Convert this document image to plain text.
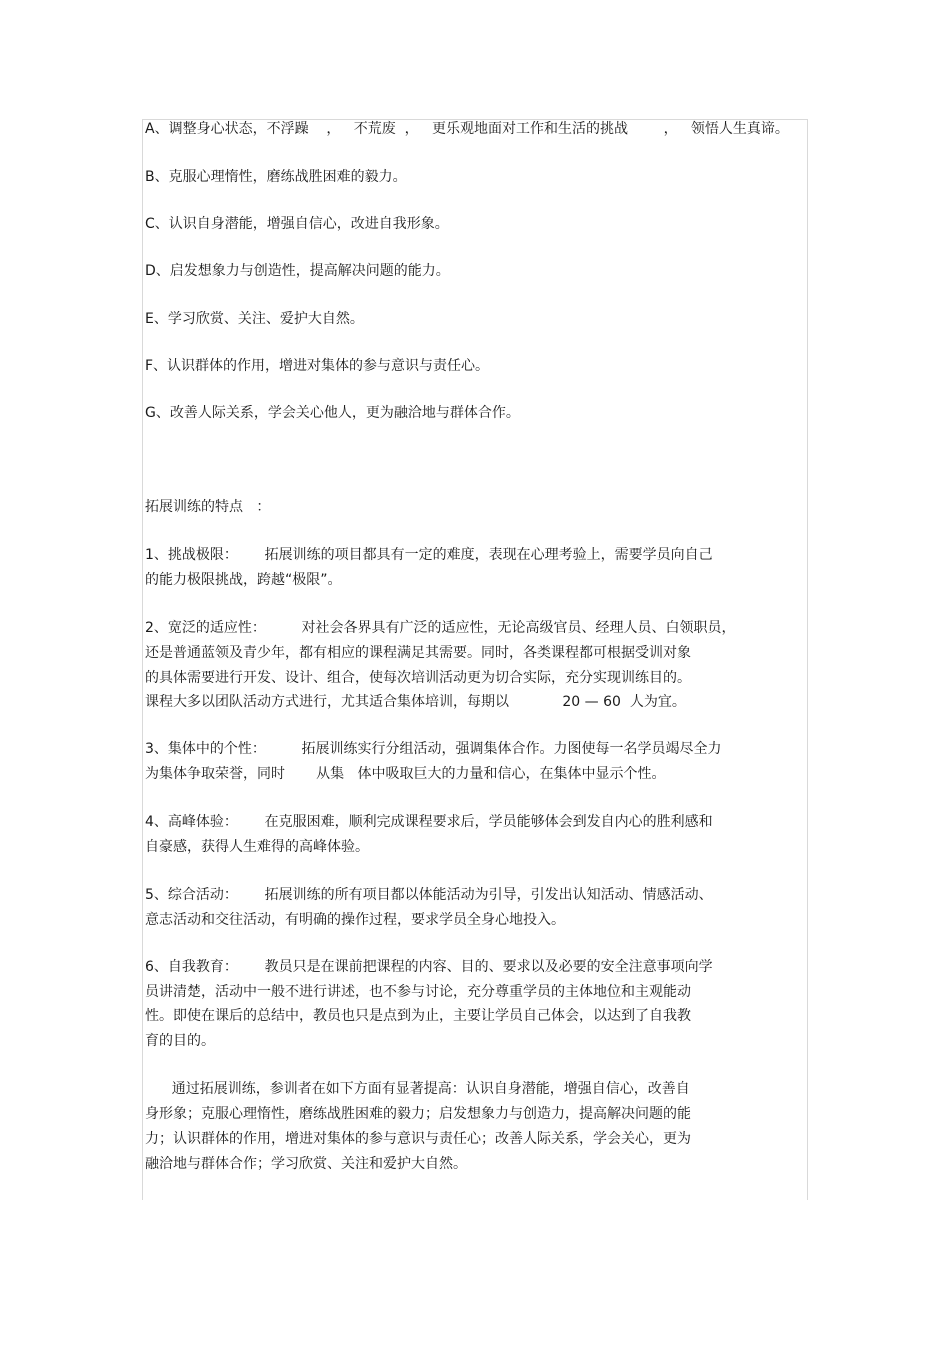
A、调整身心状态，不浮躁    ，   不荒废  ，   更乐观地面对工作和生活的挑战        ，   领悟人生真谛。
B、克服心理惰性，磨练战胜困难的毅力。
C、认识自身潜能，增强自信心，改进自我形象。
D、启发想象力与创造性，提高解决问题的能力。
E、学习欣赏、关注、爱护大自然。
F、认识群体的作用，增进对集体的参与意识与责任心。
G、改善人际关系，学会关心他人，更为融洽地与群体合作。
拓展训练的特点   ：
1、挑战极限：      拓展训练的项目都具有一定的难度，表现在心理考验上，需要学员向自己
的能力极限挑战，跨越“极限”。
2、宽泛的适应性：        对社会各界具有广泛的适应性，无论高级官员、经理人员、白领职员，
还是普通蓝领及青少年，都有相应的课程满足其需要。同时，各类课程都可根据受训对象
的具体需要进行开发、设计、组合，使每次培训活动更为切合实际，充分实现训练目的。
课程大多以团队活动方式进行，尤其适合集体培训，每期以            20 — 60  人为宜。
3、集体中的个性：        拓展训练实行分组活动，强调集体合作。力图使每一名学员竭尽全力
为集体争取荣誉，同时       从集   体中吸取巨大的力量和信心，在集体中显示个性。
4、高峰体验：      在克服困难，顺利完成课程要求后，学员能够体会到发自内心的胜利感和
自豪感，获得人生难得的高峰体验。
5、综合活动：      拓展训练的所有项目都以体能活动为引导，引发出认知活动、情感活动、
意志活动和交往活动，有明确的操作过程，要求学员全身心地投入。
6、自我教育：      教员只是在课前把课程的内容、目的、要求以及必要的安全注意事项向学
员讲清楚，活动中一般不进行讲述，也不参与讨论，充分尊重学员的主体地位和主观能动
性。即使在课后的总结中，教员也只是点到为止，主要让学员自己体会，以达到了自我教
育的目的。
通过拓展训练，参训者在如下方面有显著提高：认识自身潜能，增强自信心，改善自
身形象；克服心理惰性，磨练战胜困难的毅力；启发想象力与创造力，提高解决问题的能
力；认识群体的作用，增进对集体的参与意识与责任心；改善人际关系，学会关心，更为
融洽地与群体合作；学习欣赏、关注和爱护大自然。
